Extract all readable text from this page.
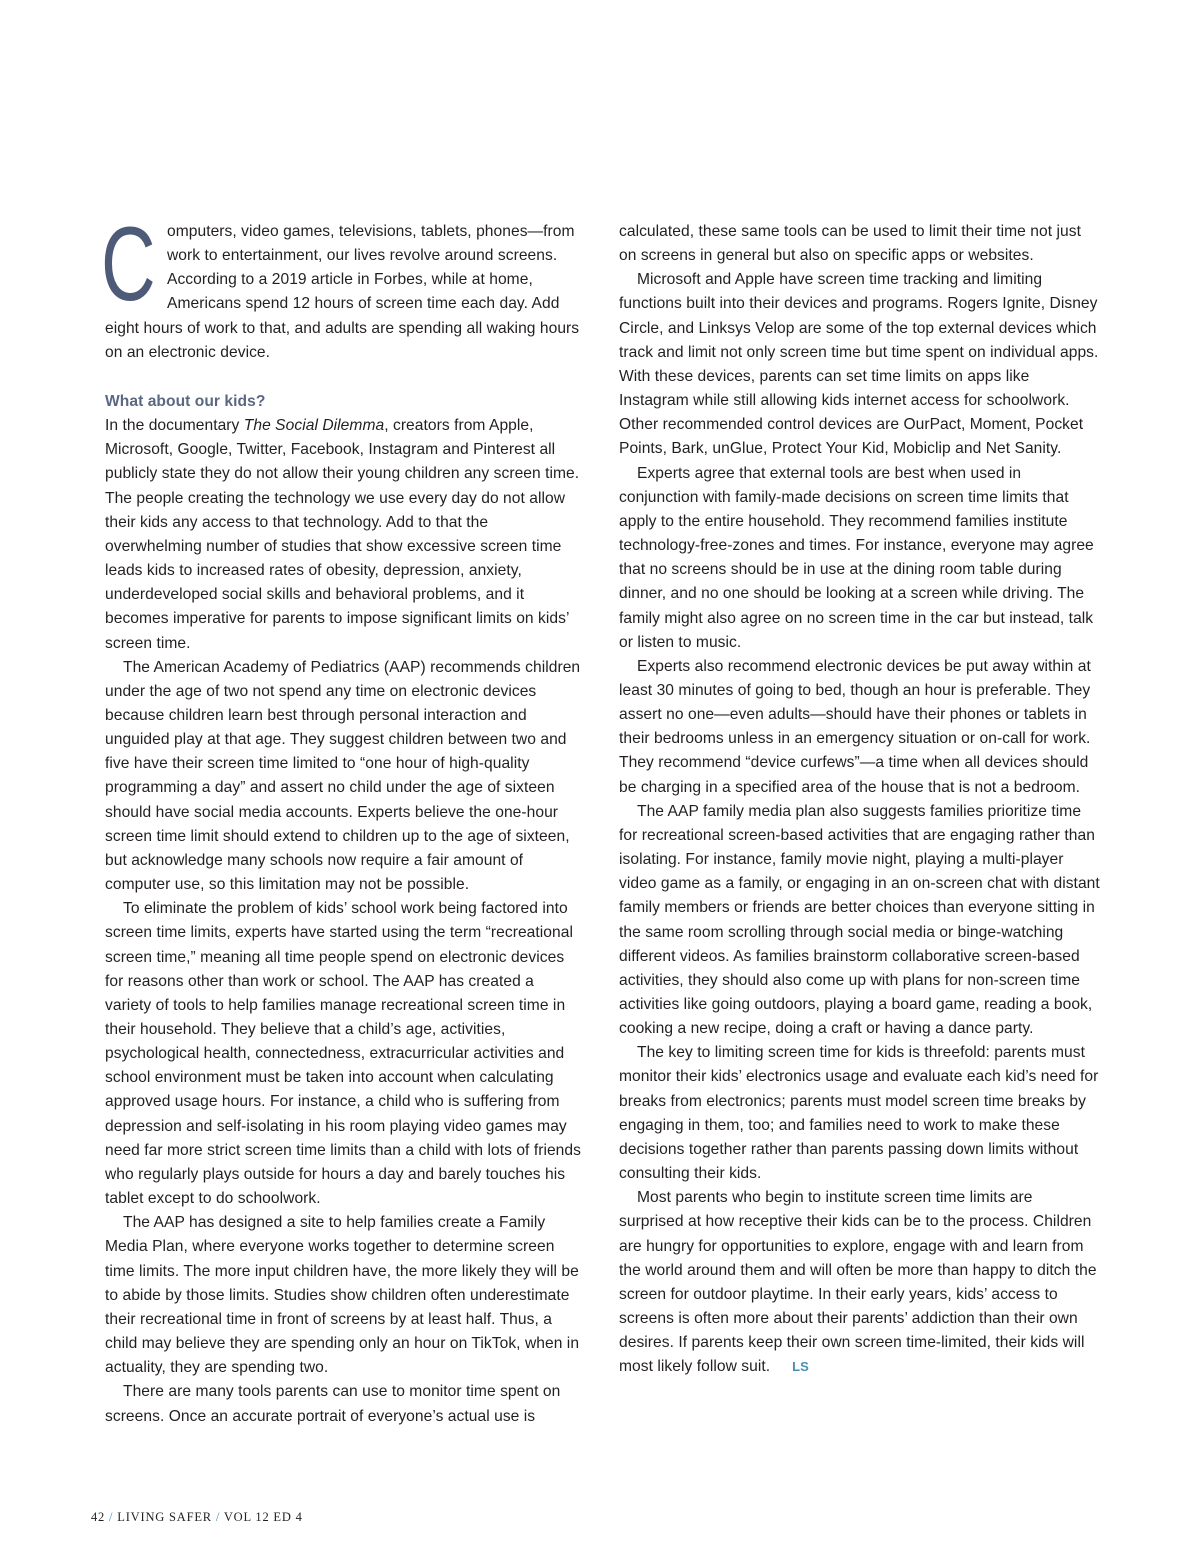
Computers, video games, televisions, tablets, phones—from work to entertainment, our lives revolve around screens. According to a 2019 article in Forbes, while at home, Americans spend 12 hours of screen time each day. Add eight hours of work to that, and adults are spending all waking hours on an electronic device.

What about our kids?

In the documentary The Social Dilemma, creators from Apple, Microsoft, Google, Twitter, Facebook, Instagram and Pinterest all publicly state they do not allow their young children any screen time. The people creating the technology we use every day do not allow their kids any access to that technology. Add to that the overwhelming number of studies that show excessive screen time leads kids to increased rates of obesity, depression, anxiety, underdeveloped social skills and behavioral problems, and it becomes imperative for parents to impose significant limits on kids’ screen time.

The American Academy of Pediatrics (AAP) recommends children under the age of two not spend any time on electronic devices because children learn best through personal interaction and unguided play at that age. They suggest children between two and five have their screen time limited to “one hour of high-quality programming a day” and assert no child under the age of sixteen should have social media accounts. Experts believe the one-hour screen time limit should extend to children up to the age of sixteen, but acknowledge many schools now require a fair amount of computer use, so this limitation may not be possible.

To eliminate the problem of kids’ school work being factored into screen time limits, experts have started using the term “recreational screen time,” meaning all time people spend on electronic devices for reasons other than work or school. The AAP has created a variety of tools to help families manage recreational screen time in their household. They believe that a child’s age, activities, psychological health, connectedness, extracurricular activities and school environment must be taken into account when calculating approved usage hours. For instance, a child who is suffering from depression and self-isolating in his room playing video games may need far more strict screen time limits than a child with lots of friends who regularly plays outside for hours a day and barely touches his tablet except to do schoolwork.

The AAP has designed a site to help families create a Family Media Plan, where everyone works together to determine screen time limits. The more input children have, the more likely they will be to abide by those limits. Studies show children often underestimate their recreational time in front of screens by at least half. Thus, a child may believe they are spending only an hour on TikTok, when in actuality, they are spending two.

There are many tools parents can use to monitor time spent on screens. Once an accurate portrait of everyone’s actual use is

calculated, these same tools can be used to limit their time not just on screens in general but also on specific apps or websites.

Microsoft and Apple have screen time tracking and limiting functions built into their devices and programs. Rogers Ignite, Disney Circle, and Linksys Velop are some of the top external devices which track and limit not only screen time but time spent on individual apps. With these devices, parents can set time limits on apps like Instagram while still allowing kids internet access for schoolwork. Other recommended control devices are OurPact, Moment, Pocket Points, Bark, unGlue, Protect Your Kid, Mobiclip and Net Sanity.

Experts agree that external tools are best when used in conjunction with family-made decisions on screen time limits that apply to the entire household. They recommend families institute technology-free-zones and times. For instance, everyone may agree that no screens should be in use at the dining room table during dinner, and no one should be looking at a screen while driving. The family might also agree on no screen time in the car but instead, talk or listen to music.

Experts also recommend electronic devices be put away within at least 30 minutes of going to bed, though an hour is preferable. They assert no one—even adults—should have their phones or tablets in their bedrooms unless in an emergency situation or on-call for work. They recommend “device curfews”—a time when all devices should be charging in a specified area of the house that is not a bedroom.

The AAP family media plan also suggests families prioritize time for recreational screen-based activities that are engaging rather than isolating. For instance, family movie night, playing a multi-player video game as a family, or engaging in an on-screen chat with distant family members or friends are better choices than everyone sitting in the same room scrolling through social media or binge-watching different videos. As families brainstorm collaborative screen-based activities, they should also come up with plans for non-screen time activities like going outdoors, playing a board game, reading a book, cooking a new recipe, doing a craft or having a dance party.

The key to limiting screen time for kids is threefold: parents must monitor their kids’ electronics usage and evaluate each kid’s need for breaks from electronics; parents must model screen time breaks by engaging in them, too; and families need to work to make these decisions together rather than parents passing down limits without consulting their kids.

Most parents who begin to institute screen time limits are surprised at how receptive their kids can be to the process. Children are hungry for opportunities to explore, engage with and learn from the world around them and will often be more than happy to ditch the screen for outdoor playtime. In their early years, kids’ access to screens is often more about their parents’ addiction than their own desires. If parents keep their own screen time-limited, their kids will most likely follow suit. LS

42 / LIVING SAFER / VOL 12 ED 4
